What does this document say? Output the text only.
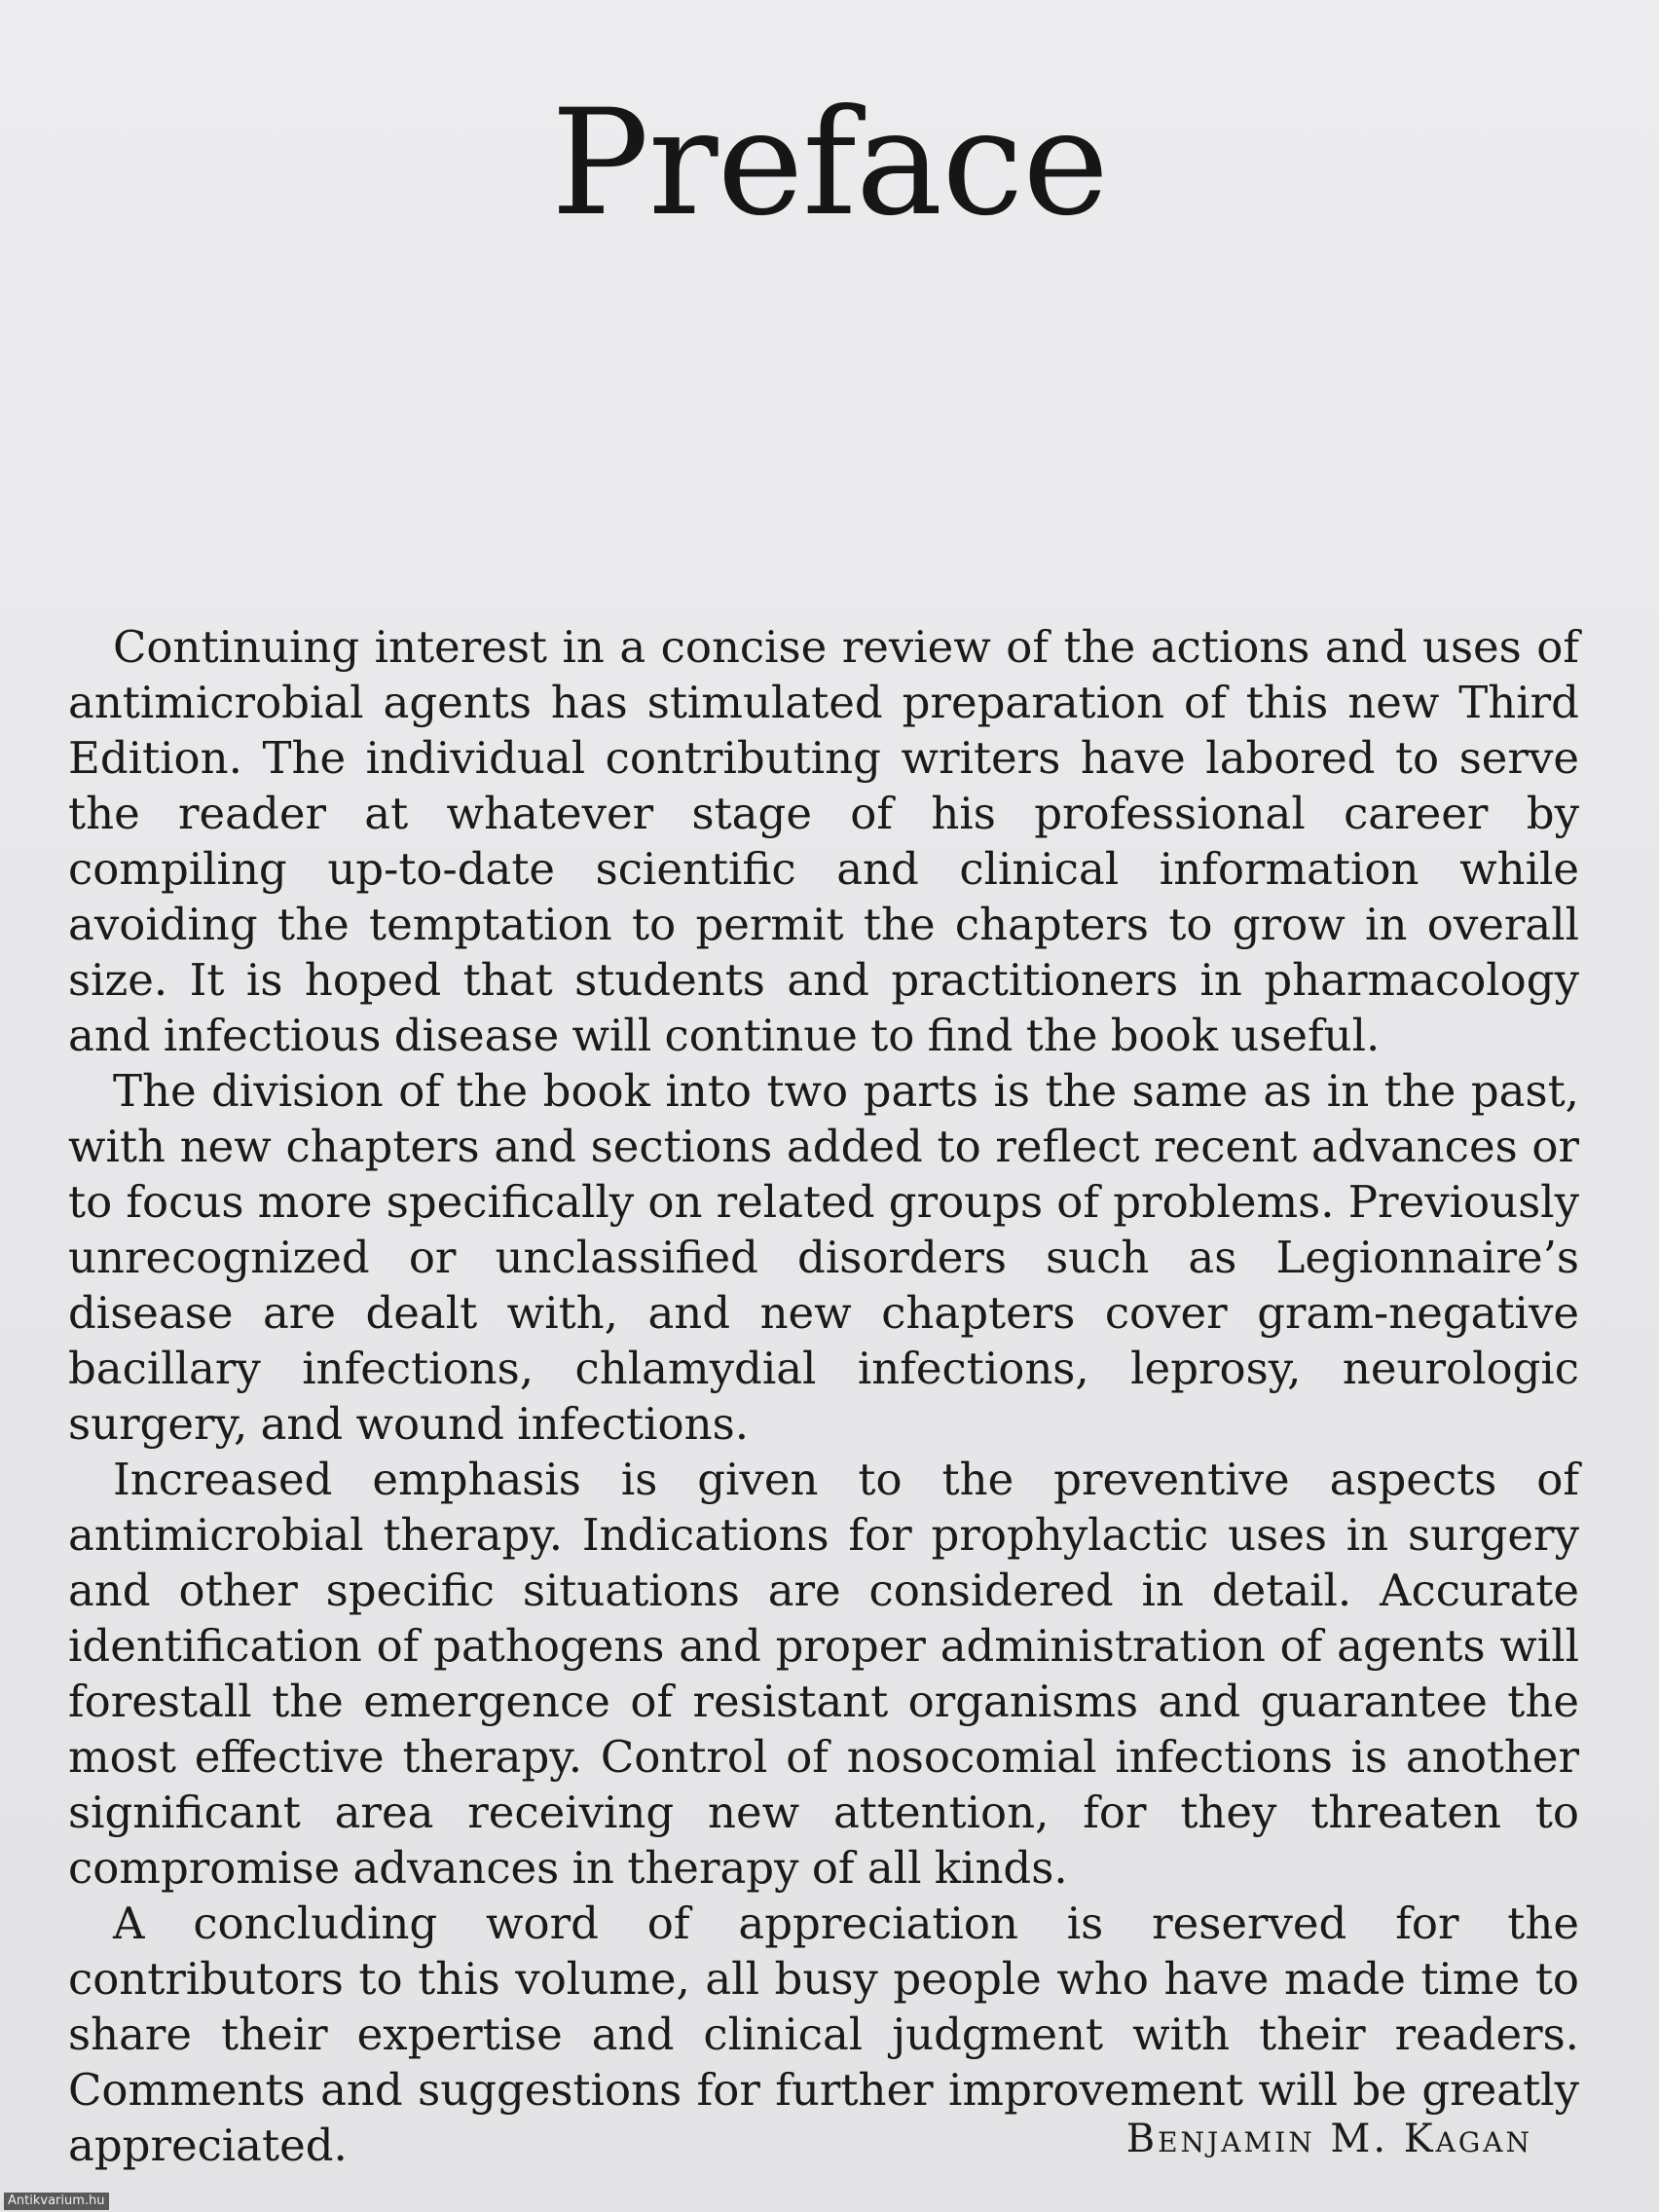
Preface

Continuing interest in a concise review of the actions and uses of antimicrobial agents has stimulated preparation of this new Third Edition. The individual contributing writers have labored to serve the reader at whatever stage of his professional career by compiling up-to-date scientific and clinical information while avoiding the temptation to permit the chapters to grow in overall size. It is hoped that students and practitioners in pharmacology and infectious disease will continue to find the book useful.

The division of the book into two parts is the same as in the past, with new chapters and sections added to reflect recent advances or to focus more specifically on related groups of problems. Previously unrecognized or unclassified disorders such as Legionnaire’s disease are dealt with, and new chapters cover gram-negative bacillary infections, chlamydial infections, leprosy, neurologic surgery, and wound infections.

Increased emphasis is given to the preventive aspects of antimicrobial therapy. Indications for prophylactic uses in surgery and other specific situations are considered in detail. Accurate identification of pathogens and proper administration of agents will forestall the emergence of resistant organisms and guarantee the most effective therapy. Control of nosocomial infections is another significant area receiving new attention, for they threaten to compromise advances in therapy of all kinds.

A concluding word of appreciation is reserved for the contributors to this volume, all busy people who have made time to share their expertise and clinical judgment with their readers. Comments and suggestions for further improvement will be greatly appreciated.	Benjamin M. Kagan
Antikvarium.hu
